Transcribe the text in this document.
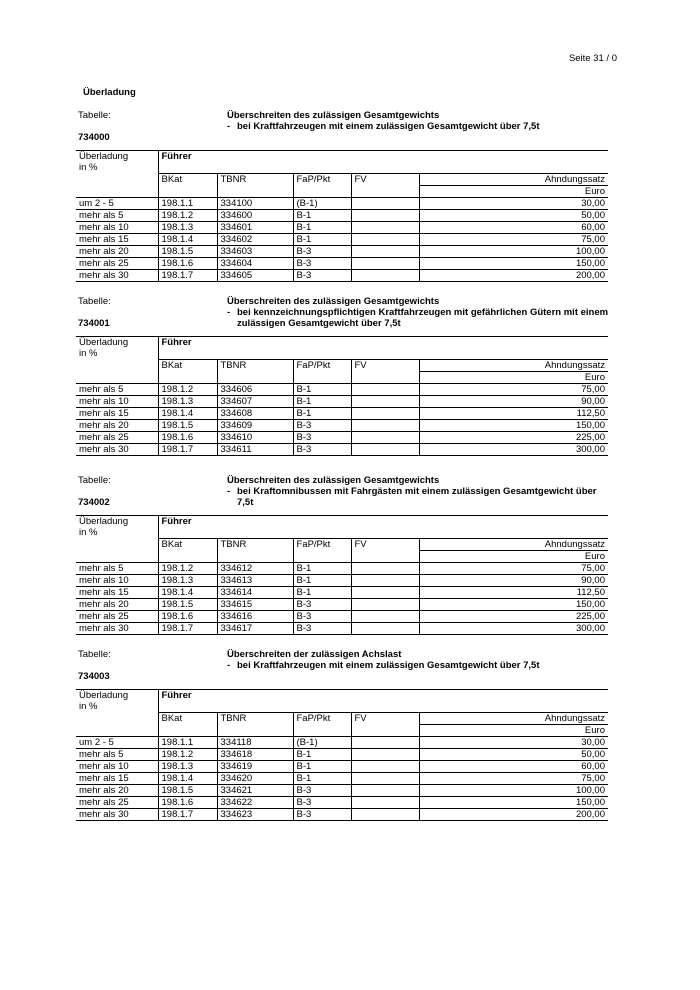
Seite 31 / 0
Überladung
Tabelle:
734000
Überschreiten des zulässigen Gesamtgewichts
- bei Kraftfahrzeugen mit einem zulässigen Gesamtgewicht über 7,5t
Überladung	Führer				
in %					
	BKat	TBNR	FaP/Pkt	FV	Ahndungssatz
					Euro
um 2 - 5	198.1.1	334100	(B-1)		30,00
mehr als 5	198.1.2	334600	B-1		50,00
mehr als 10	198.1.3	334601	B-1		60,00
mehr als 15	198.1.4	334602	B-1		75,00
mehr als 20	198.1.5	334603	B-3		100,00
mehr als 25	198.1.6	334604	B-3		150,00
mehr als 30	198.1.7	334605	B-3		200,00
Tabelle:
734001
Überschreiten des zulässigen Gesamtgewichts
- bei kennzeichnungspflichtigen Kraftfahrzeugen mit gefährlichen Gütern mit einem zulässigen Gesamtgewicht über 7,5t
Überladung	Führer				
in %					
	BKat	TBNR	FaP/Pkt	FV	Ahndungssatz
					Euro
mehr als 5	198.1.2	334606	B-1		75,00
mehr als 10	198.1.3	334607	B-1		90,00
mehr als 15	198.1.4	334608	B-1		112,50
mehr als 20	198.1.5	334609	B-3		150,00
mehr als 25	198.1.6	334610	B-3		225,00
mehr als 30	198.1.7	334611	B-3		300,00
Tabelle:
734002
Überschreiten des zulässigen Gesamtgewichts
- bei Kraftomnibussen mit Fahrgästen mit einem zulässigen Gesamtgewicht über 7,5t
Überladung	Führer				
in %					
	BKat	TBNR	FaP/Pkt	FV	Ahndungssatz
					Euro
mehr als 5	198.1.2	334612	B-1		75,00
mehr als 10	198.1.3	334613	B-1		90,00
mehr als 15	198.1.4	334614	B-1		112,50
mehr als 20	198.1.5	334615	B-3		150,00
mehr als 25	198.1.6	334616	B-3		225,00
mehr als 30	198.1.7	334617	B-3		300,00
Tabelle:
734003
Überschreiten der zulässigen Achslast
- bei Kraftfahrzeugen mit einem zulässigen Gesamtgewicht über 7,5t
Überladung	Führer				
in %					
	BKat	TBNR	FaP/Pkt	FV	Ahndungssatz
					Euro
um 2 - 5	198.1.1	334118	(B-1)		30,00
mehr als 5	198.1.2	334618	B-1		50,00
mehr als 10	198.1.3	334619	B-1		60,00
mehr als 15	198.1.4	334620	B-1		75,00
mehr als 20	198.1.5	334621	B-3		100,00
mehr als 25	198.1.6	334622	B-3		150,00
mehr als 30	198.1.7	334623	B-3		200,00
